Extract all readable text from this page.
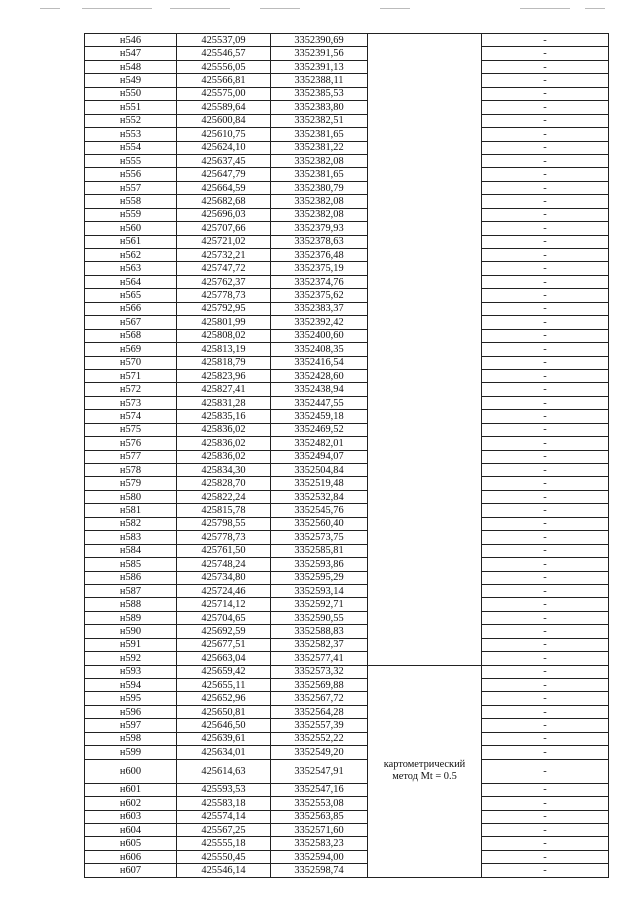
н546	425537,09	3352390,69		-
н547	425546,57	3352391,56		-
н548	425556,05	3352391,13		-
н549	425566,81	3352388,11		-
н550	425575,00	3352385,53		-
н551	425589,64	3352383,80		-
н552	425600,84	3352382,51		-
н553	425610,75	3352381,65		-
н554	425624,10	3352381,22		-
н555	425637,45	3352382,08		-
н556	425647,79	3352381,65		-
н557	425664,59	3352380,79		-
н558	425682,68	3352382,08		-
н559	425696,03	3352382,08		-
н560	425707,66	3352379,93		-
н561	425721,02	3352378,63		-
н562	425732,21	3352376,48		-
н563	425747,72	3352375,19		-
н564	425762,37	3352374,76		-
н565	425778,73	3352375,62		-
н566	425792,95	3352383,37		-
н567	425801,99	3352392,42		-
н568	425808,02	3352400,60		-
н569	425813,19	3352408,35		-
н570	425818,79	3352416,54		-
н571	425823,96	3352428,60		-
н572	425827,41	3352438,94		-
н573	425831,28	3352447,55		-
н574	425835,16	3352459,18		-
н575	425836,02	3352469,52		-
н576	425836,02	3352482,01		-
н577	425836,02	3352494,07		-
н578	425834,30	3352504,84		-
н579	425828,70	3352519,48		-
н580	425822,24	3352532,84		-
н581	425815,78	3352545,76		-
н582	425798,55	3352560,40		-
н583	425778,73	3352573,75		-
н584	425761,50	3352585,81		-
н585	425748,24	3352593,86		-
н586	425734,80	3352595,29		-
н587	425724,46	3352593,14		-
н588	425714,12	3352592,71		-
н589	425704,65	3352590,55		-
н590	425692,59	3352588,83		-
н591	425677,51	3352582,37		-
н592	425663,04	3352577,41		-
н593	425659,42	3352573,32		-
н594	425655,11	3352569,88		-
н595	425652,96	3352567,72		-
н596	425650,81	3352564,28		-
н597	425646,50	3352557,39		-
н598	425639,61	3352552,22		-
н599	425634,01	3352549,20		-
н600	425614,63	3352547,91	картометрический
метод Mt = 0.5	-
н601	425593,53	3352547,16		-
н602	425583,18	3352553,08		-
н603	425574,14	3352563,85		-
н604	425567,25	3352571,60		-
н605	425555,18	3352583,23		-
н606	425550,45	3352594,00		-
н607	425546,14	3352598,74		-
